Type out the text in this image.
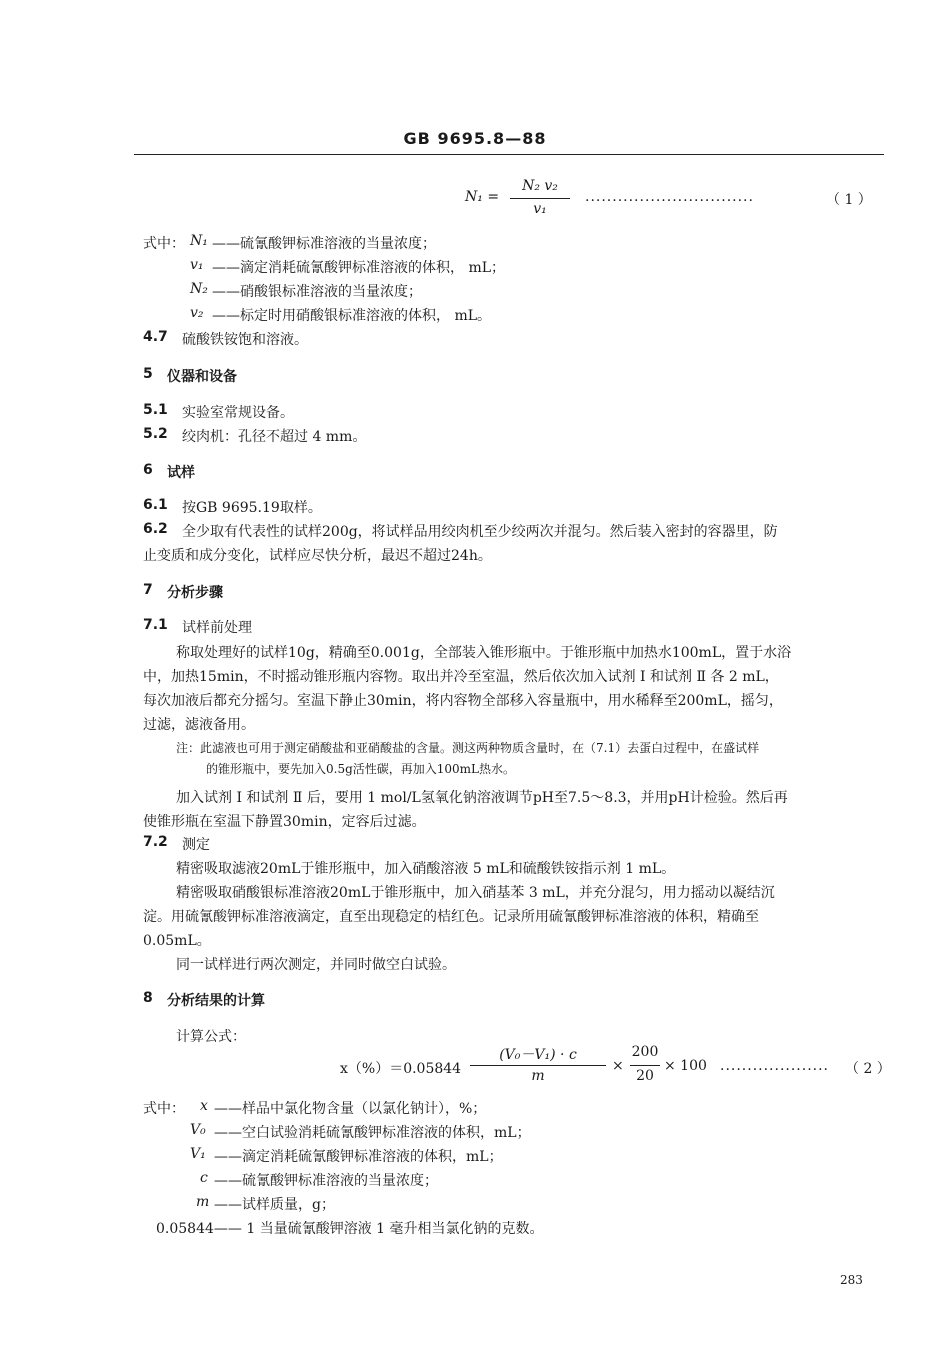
GB 9695.8—88
N₁ =
N₂ v₂
v₁
...............................	（ 1 ）
式中： N₁ ——硫氰酸钾标准溶液的当量浓度；
v₁ ——滴定消耗硫氰酸钾标准溶液的体积， mL；
N₂ ——硝酸银标准溶液的当量浓度；
v₂ ——标定时用硝酸银标准溶液的体积， mL。
4.7 硫酸铁铵饱和溶液。
5 仪器和设备
5.1 实验室常规设备。
5.2 绞肉机：孔径不超过 4 mm。
6 试样
6.1 按GB 9695.19取样。
6.2 全少取有代表性的试样200g，将试样品用绞肉机至少绞两次并混匀。然后装入密封的容器里，防
止变质和成分变化，试样应尽快分析，最迟不超过24h。
7 分析步骤
7.1 试样前处理
称取处理好的试样10g，精确至0.001g，全部装入锥形瓶中。于锥形瓶中加热水100mL，置于水浴
中，加热15min，不时摇动锥形瓶内容物。取出并冷至室温，然后依次加入试剂 Ⅰ 和试剂 Ⅱ 各 2 mL，
每次加液后都充分摇匀。室温下静止30min，将内容物全部移入容量瓶中，用水稀释至200mL，摇匀，
过滤，滤液备用。
注：此滤液也可用于测定硝酸盐和亚硝酸盐的含量。测这两种物质含量时，在（7.1）去蛋白过程中，在盛试样
的锥形瓶中，要先加入0.5g活性碳，再加入100mL热水。
加入试剂 Ⅰ 和试剂 Ⅱ 后，要用 1 mol/L氢氧化钠溶液调节pH至7.5～8.3，并用pH计检验。然后再
使锥形瓶在室温下静置30min，定容后过滤。
7.2 测定
精密吸取滤液20mL于锥形瓶中，加入硝酸溶液 5 mL和硫酸铁铵指示剂 1 mL。
精密吸取硝酸银标准溶液20mL于锥形瓶中，加入硝基苯 3 mL，并充分混匀，用力摇动以凝结沉
淀。用硫氰酸钾标准溶液滴定，直至出现稳定的桔红色。记录所用硫氰酸钾标准溶液的体积，精确至
0.05mL。
同一试样进行两次测定，并同时做空白试验。
8 分析结果的计算
计算公式：
x（%）＝0.05844
(V₀－V₁) · c
m
×
200
20
× 100 .................... （ 2 ）
式中： x ——样品中氯化物含量（以氯化钠计），%；
V₀ ——空白试验消耗硫氰酸钾标准溶液的体积，mL；
V₁ ——滴定消耗硫氰酸钾标准溶液的体积，mL；
c ——硫氰酸钾标准溶液的当量浓度；
m ——试样质量，g；
0.05844—— 1 当量硫氰酸钾溶液 1 毫升相当氯化钠的克数。
283
